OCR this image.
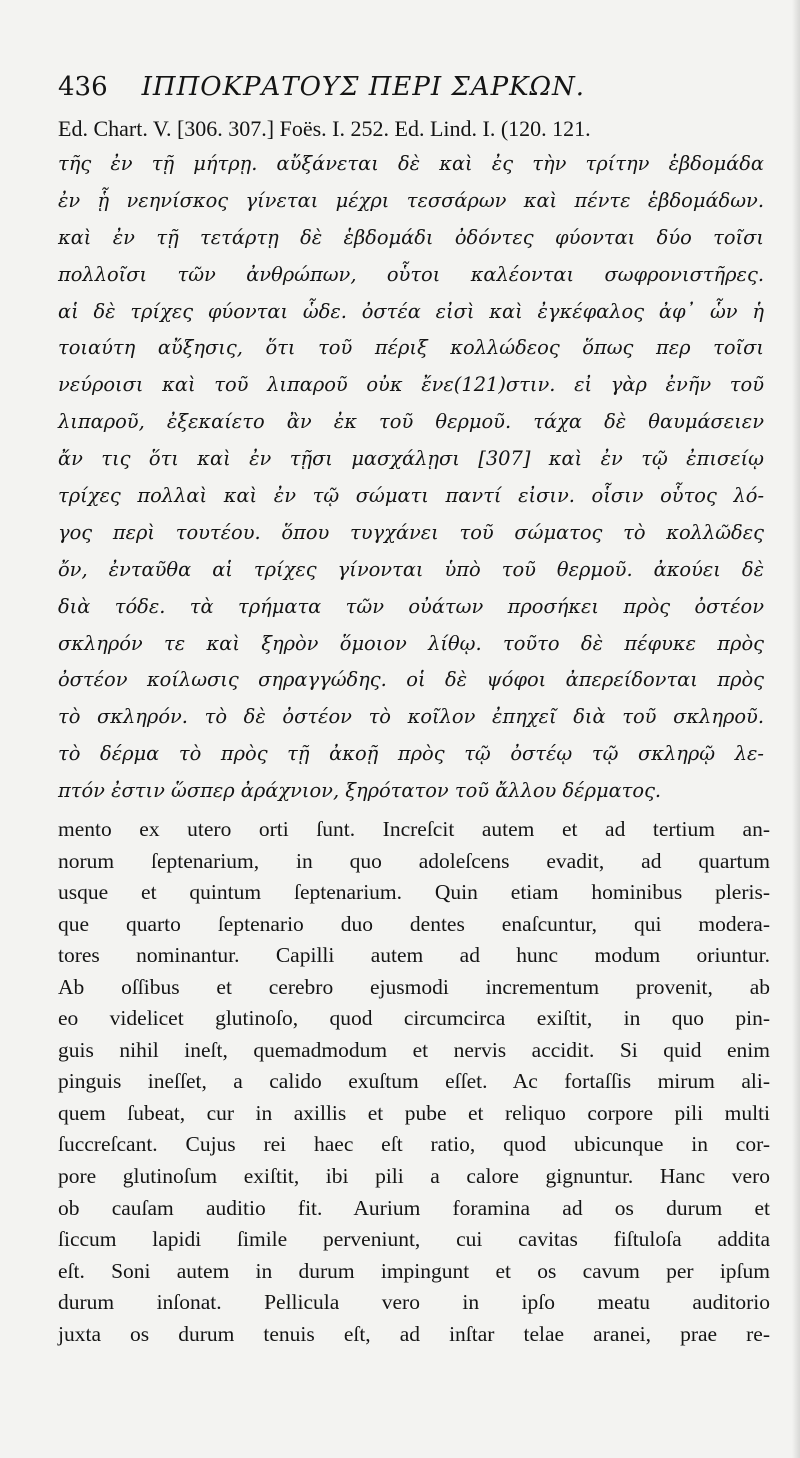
436 ΙΠΠΟΚΡΑΤΟΥΣ ΠΕΡΙ ΣΑΡΚΩΝ.
Ed. Chart. V. [306. 307.] Foës. I. 252. Ed. Lind. I. (120. 121.
τῆς ἐν τῇ μήτρῃ. αὔξάνεται δὲ καὶ ἐς τὴν τρίτην ἑβδομάδα
ἐν ᾗ νεηνίσκος γίνεται μέχρι τεσσάρων καὶ πέντε ἑβδομάδων.
καὶ ἐν τῇ τετάρτῃ δὲ ἑβδομάδι ὀδόντες φύονται δύο τοῖσι
πολλοῖσι τῶν ἀνθρώπων, οὗτοι καλέονται σωφρονιστῆρες.
αἱ δὲ τρίχες φύονται ὧδε. ὀστέα εἰσὶ καὶ ἐγκέφαλος ἀφ᾽ ὧν ἡ
τοιαύτη αὔξησις, ὅτι τοῦ πέριξ κολλώδεος ὅπως περ τοῖσι
νεύροισι καὶ τοῦ λιπαροῦ οὐκ ἔνε(121)στιν. εἰ γὰρ ἐνῆν τοῦ
λιπαροῦ, ἐξεκαίετο ἂν ἐκ τοῦ θερμοῦ. τάχα δὲ θαυμάσειεν
ἄν τις ὅτι καὶ ἐν τῇσι μασχάλῃσι [307] καὶ ἐν τῷ ἐπισείῳ
τρίχες πολλαὶ καὶ ἐν τῷ σώματι παντί εἰσιν. οἷσιν οὗτος λό-
γος περὶ τουτέου. ὅπου τυγχάνει τοῦ σώματος τὸ κολλῶδες
ὄν, ἐνταῦθα αἱ τρίχες γίνονται ὑπὸ τοῦ θερμοῦ. ἀκούει δὲ
διὰ τόδε. τὰ τρήματα τῶν οὐάτων προσήκει πρὸς ὀστέον
σκληρόν τε καὶ ξηρὸν ὅμοιον λίθῳ. τοῦτο δὲ πέφυκε πρὸς
ὀστέον κοίλωσις σηραγγώδης. οἱ δὲ ψόφοι ἀπερείδονται πρὸς
τὸ σκληρόν. τὸ δὲ ὀστέον τὸ κοῖλον ἐπηχεῖ διὰ τοῦ σκληροῦ.
τὸ δέρμα τὸ πρὸς τῇ ἀκοῇ πρὸς τῷ ὀστέῳ τῷ σκληρῷ λε-
πτόν ἐστιν ὥσπερ ἀράχνιον, ξηρότατον τοῦ ἄλλου δέρματος.
mento ex utero orti ſunt. Increſcit autem et ad tertium an-
norum ſeptenarium, in quo adoleſcens evadit, ad quartum
usque et quintum ſeptenarium. Quin etiam hominibus pleris-
que quarto ſeptenario duo dentes enaſcuntur, qui modera-
tores nominantur. Capilli autem ad hunc modum oriuntur.
Ab oſſibus et cerebro ejusmodi incrementum provenit, ab
eo videlicet glutinoſo, quod circumcirca exiſtit, in quo pin-
guis nihil ineſt, quemadmodum et nervis accidit. Si quid enim
pinguis ineſſet, a calido exuſtum eſſet. Ac fortaſſis mirum ali-
quem ſubeat, cur in axillis et pube et reliquo corpore pili multi
ſuccreſcant. Cujus rei haec eſt ratio, quod ubicunque in cor-
pore glutinoſum exiſtit, ibi pili a calore gignuntur. Hanc vero
ob cauſam auditio fit. Aurium foramina ad os durum et
ſiccum lapidi ſimile perveniunt, cui cavitas fiſtuloſa addita
eſt. Soni autem in durum impingunt et os cavum per ipſum
durum inſonat. Pellicula vero in ipſo meatu auditorio
juxta os durum tenuis eſt, ad inſtar telae aranei, prae re-
